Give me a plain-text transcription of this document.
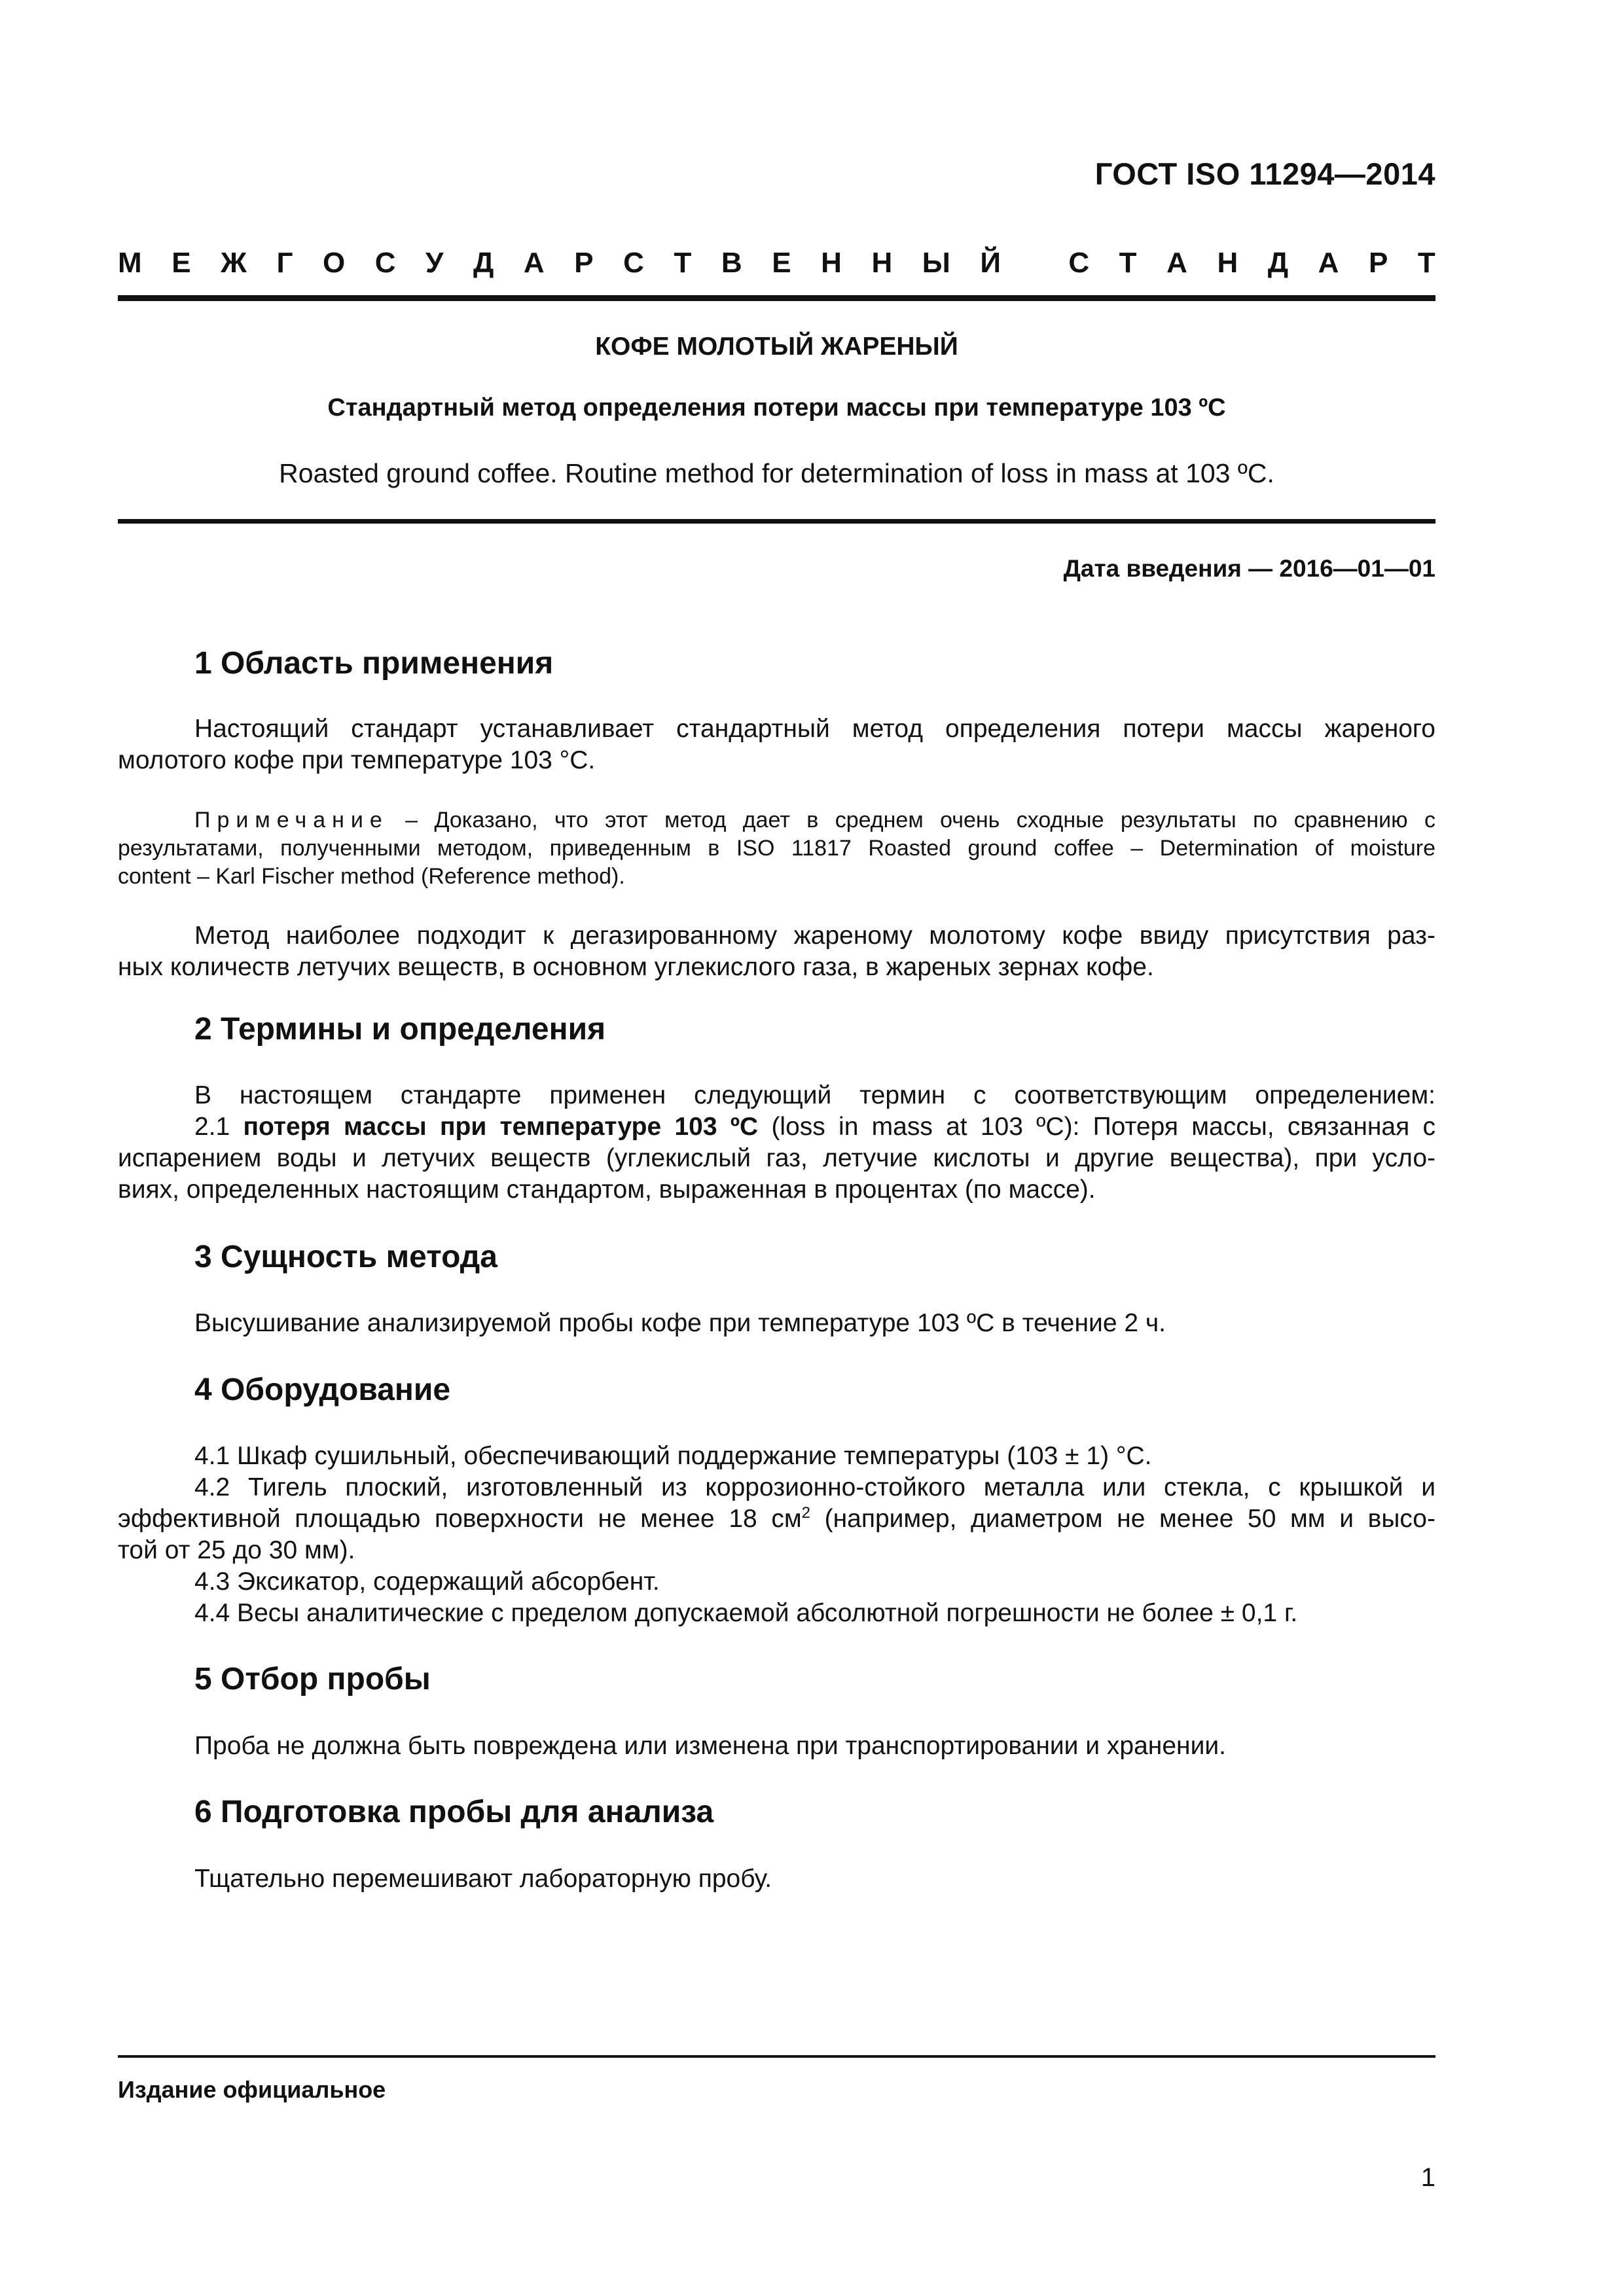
ГОСТ ISO 11294—2014
М Е Ж Г О С У Д А Р С Т В Е Н Н Ы Й
С Т А Н Д А Р Т
КОФЕ МОЛОТЫЙ ЖАРЕНЫЙ
Стандартный метод определения потери массы при температуре 103 ºC
Roasted ground coffee. Routine method for determination of loss in mass at 103 ºC.
Дата введения — 2016—01—01
1 Область применения
Настоящий стандарт устанавливает стандартный метод определения потери массы жареного
молотого кофе при температуре 103 °C.
Примечание – Доказано, что этот метод дает в среднем очень сходные результаты по сравнению с
результатами, полученными методом, приведенным в ISO 11817 Roasted ground coffee – Determination of moisture
content – Karl Fischer method (Reference method).
Метод наиболее подходит к дегазированному жареному молотому кофе ввиду присутствия раз-
ных количеств летучих веществ, в основном углекислого газа, в жареных зернах кофе.
2 Термины и определения
В настоящем стандарте применен следующий термин с соответствующим определением:
2.1 потеря массы при температуре 103 ºC (loss in mass at 103 ºC): Потеря массы, связанная с
испарением воды и летучих веществ (углекислый газ, летучие кислоты и другие вещества), при усло-
виях, определенных настоящим стандартом, выраженная в процентах (по массе).
3 Сущность метода
Высушивание анализируемой пробы кофе при температуре 103 ºC в течение 2 ч.
4 Оборудование
4.1 Шкаф сушильный, обеспечивающий поддержание температуры (103 ± 1) °C.
4.2 Тигель плоский, изготовленный из коррозионно-стойкого металла или стекла, с крышкой и
эффективной площадью поверхности не менее 18 $см^2$ (например, диаметром не менее 50 мм и высо-
той от 25 до 30 мм).
4.3 Эксикатор, содержащий абсорбент.
4.4 Весы аналитические с пределом допускаемой абсолютной погрешности не более ± 0,1 г.
5 Отбор пробы
Проба не должна быть повреждена или изменена при транспортировании и хранении.
6 Подготовка пробы для анализа
Тщательно перемешивают лабораторную пробу.
Издание официальное
1
